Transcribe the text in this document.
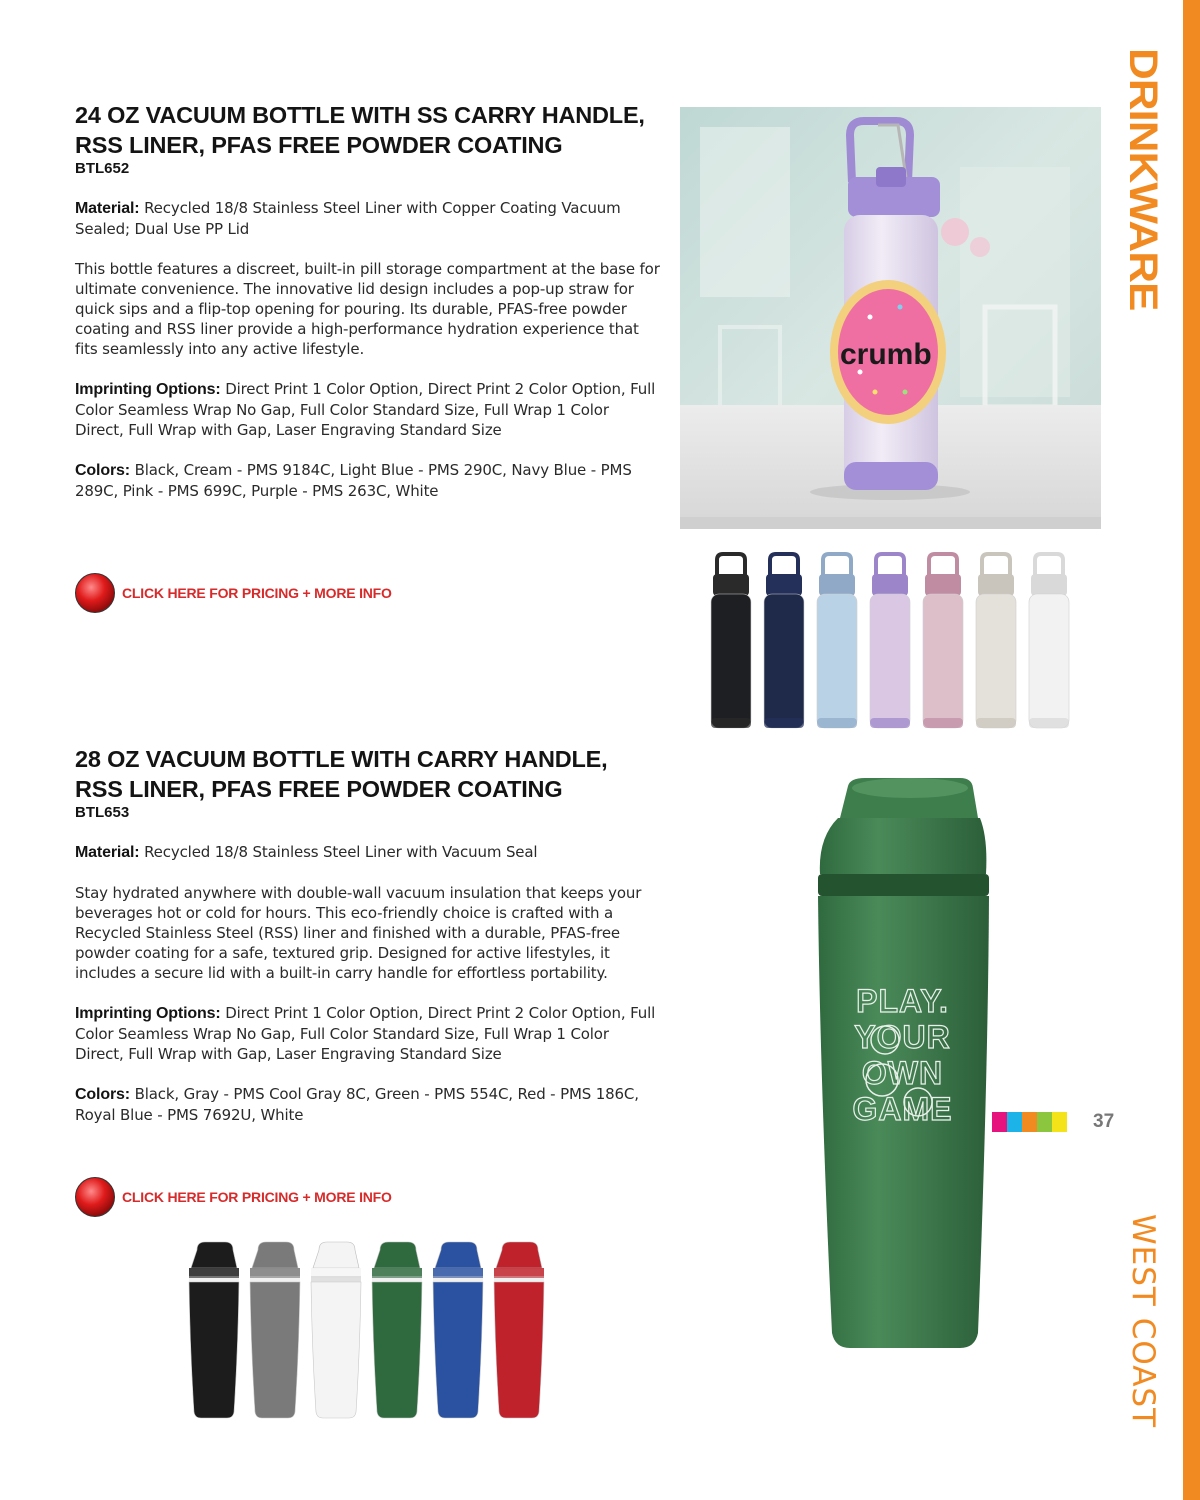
DRINKWARE
WEST COAST
24 OZ VACUUM BOTTLE WITH SS CARRY HANDLE,
RSS LINER, PFAS FREE POWDER COATING
BTL652

Material: Recycled 18/8 Stainless Steel Liner with Copper Coating Vacuum Sealed; Dual Use PP Lid

This bottle features a discreet, built-in pill storage compartment at the base for ultimate convenience. The innovative lid design includes a pop-up straw for quick sips and a flip-top opening for pouring. Its durable, PFAS-free powder coating and RSS liner provide a high-performance hydration experience that fits seamlessly into any active lifestyle.

Imprinting Options: Direct Print 1 Color Option, Direct Print 2 Color Option, Full Color Seamless Wrap No Gap, Full Color Standard Size, Full Wrap 1 Color Direct, Full Wrap with Gap, Laser Engraving Standard Size

Colors: Black, Cream - PMS 9184C, Light Blue - PMS 290C, Navy Blue - PMS 289C, Pink - PMS 699C, Purple - PMS 263C, White

CLICK HERE FOR PRICING + MORE INFO
crumb
28 OZ VACUUM BOTTLE WITH CARRY HANDLE,
RSS LINER, PFAS FREE POWDER COATING
BTL653

Material: Recycled 18/8 Stainless Steel Liner with Vacuum Seal

Stay hydrated anywhere with double-wall vacuum insulation that keeps your beverages hot or cold for hours. This eco-friendly choice is crafted with a Recycled Stainless Steel (RSS) liner and finished with a durable, PFAS-free powder coating for a safe, textured grip. Designed for active lifestyles, it includes a secure lid with a built-in carry handle for effortless portability.

Imprinting Options: Direct Print 1 Color Option, Direct Print 2 Color Option, Full Color Seamless Wrap No Gap, Full Color Standard Size, Full Wrap 1 Color Direct, Full Wrap with Gap, Laser Engraving Standard Size

Colors: Black, Gray - PMS Cool Gray 8C, Green - PMS 554C, Red - PMS 186C, Royal Blue - PMS 7692U, White

CLICK HERE FOR PRICING + MORE INFO
PLAY.
YOUR
OWN
GAME	37
